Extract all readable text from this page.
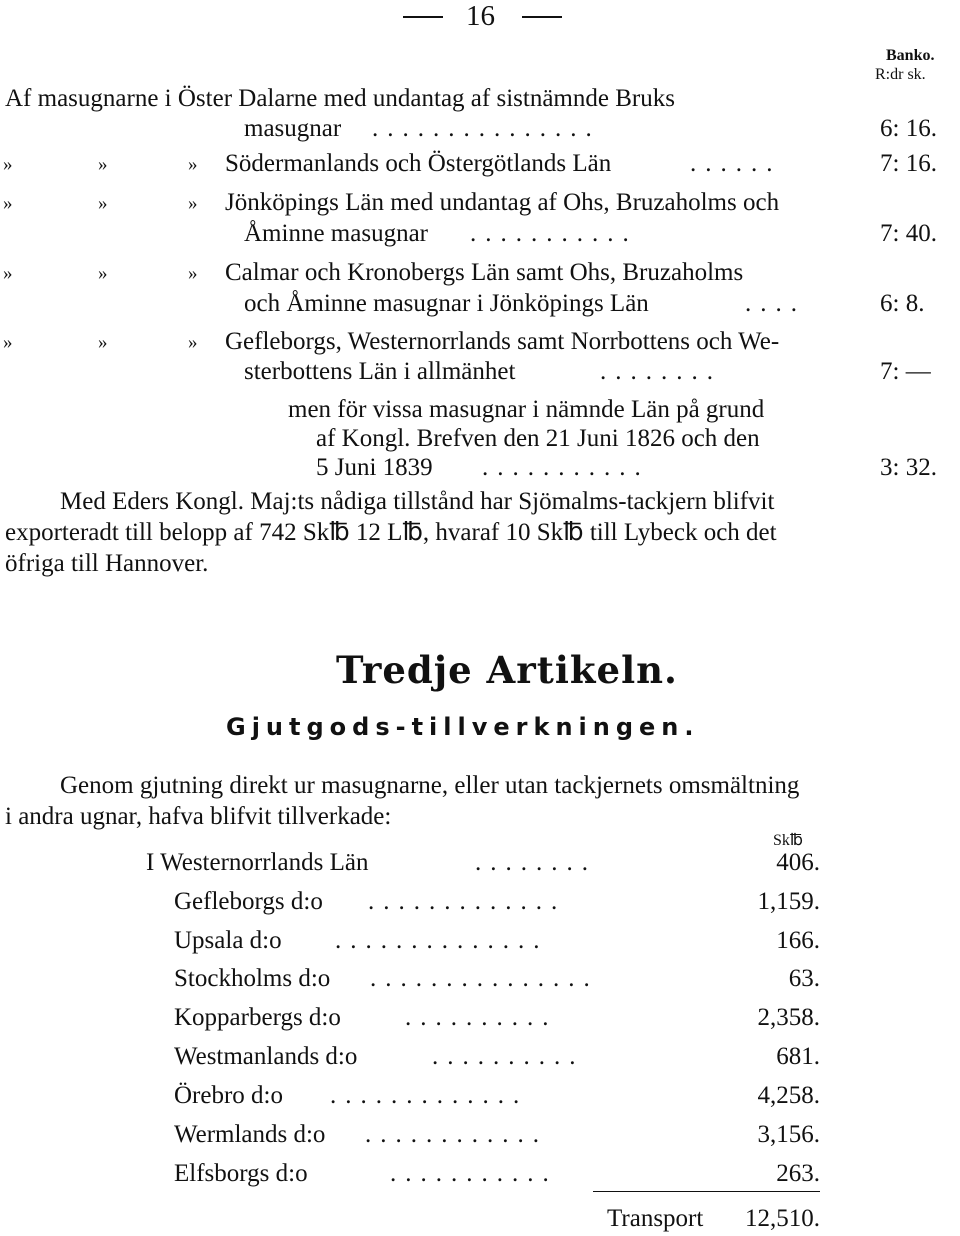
16
Banko.
R:dr sk.
Af masugnarne i Öster Dalarne med undantag af sistnämnde Bruks
masugnar ...............	6: 16.
»	»	» Södermanlands och Östergötlands Län	......	7: 16.
»	»	» Jönköpings Län med undantag af Ohs, Bruzaholms och
Åminne masugnar ...........	7: 40.
»	»	» Calmar och Kronobergs Län samt Ohs, Bruzaholms
och Åminne masugnar i Jönköpings Län	....	6: 8.
»	»	» Gefleborgs, Westernorrlands samt Norrbottens och We-
sterbottens Län i allmänhet	........	7: —
men för vissa masugnar i nämnde Län på grund
af Kongl. Brefven den 21 Juni 1826 och den
5 Juni 1839 ...........	3: 32.
Med Eders Kongl. Maj:ts nådiga tillstånd har Sjömalms-tackjern blifvit
exporteradt till belopp af 742 Sk℔ 12 L℔, hvaraf 10 Sk℔ till Lybeck och det
öfriga till Hannover.
Tredje Artikeln.
Gjutgods-tillverkningen.
Genom gjutning direkt ur masugnarne, eller utan tackjernets omsmältning
i andra ugnar, hafva blifvit tillverkade:
Sk℔
I Westernorrlands Län	........	406.
Gefleborgs d:o .............	1,159.
Upsala d:o ..............	166.
Stockholms d:o ...............	63.
Kopparbergs d:o	..........	2,358.
Westmanlands d:o	..........	681.
Örebro d:o .............	4,258.
Wermlands d:o ............	3,156.
Elfsborgs d:o	...........	263.
Transport	12,510.
